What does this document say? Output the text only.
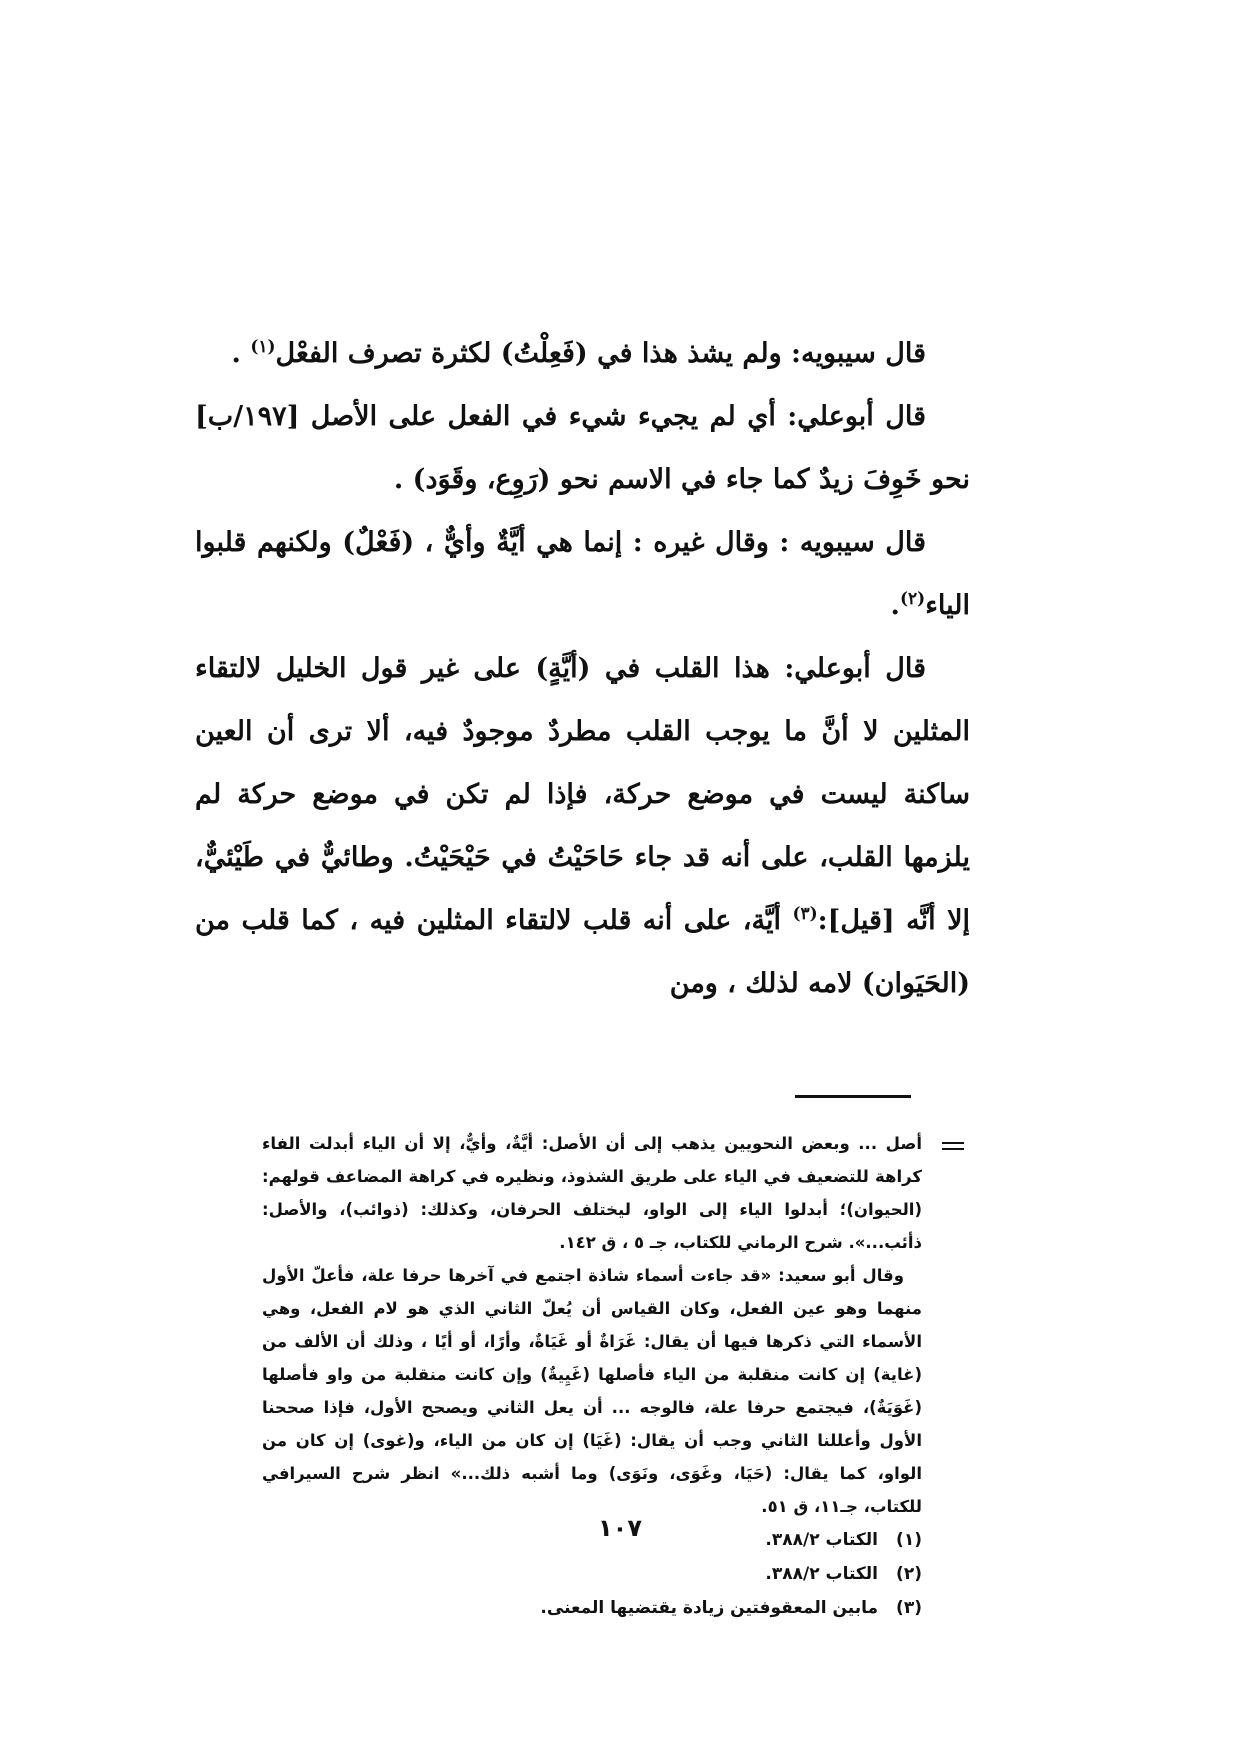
قال سيبويه: ولم يشذ هذا في (فَعِلْتُ) لكثرة تصرف الفعْل$^{(١)}$ .

قال أبوعلي: أي لم يجيء شيء في الفعل على الأصل [١٩٧/ب] نحو خَوِفَ زيدٌ كما جاء في الاسم نحو (رَوِع، وقَوَد) .

قال سيبويه : وقال غيره : إنما هي أيَّةٌ وأيٌّ ، (فَعْلٌ) ولكنهم قلبوا الياء$^{(٢)}$.

قال أبوعلي: هذا القلب في (أيَّةٍ) على غير قول الخليل لالتقاء المثلين لا أنَّ ما يوجب القلب مطردٌ موجودٌ فيه، ألا ترى أن العين ساكنة ليست في موضع حركة، فإذا لم تكن في موضع حركة لم يلزمها القلب، على أنه قد جاء حَاحَيْتُ في حَيْحَيْتُ. وطائيٌّ في طَيْئيٌّ، إلا أنَّه [قيل]:$^{(٣)}$ أيَّة، على أنه قلب لالتقاء المثلين فيه ، كما قلب من (الحَيَوان) لامه لذلك ، ومن

أصل ... وبعض النحويين يذهب إلى أن الأصل: أيَّةٌ، وأيٌّ، إلا أن الياء أبدلت الفاء كراهة للتضعيف في الياء على طريق الشذوذ، ونظيره في كراهة المضاعف قولهم: (الحيوان)؛ أبدلوا الياء إلى الواو، ليختلف الحرفان، وكذلك: (ذوائب)، والأصل: ذأئب...». شرح الرماني للكتاب، جـ ٥ ، ق ١٤٢.

وقال أبو سعيد: «قد جاءت أسماء شاذة اجتمع في آخرها حرفا علة، فأعلّ الأول منهما وهو عين الفعل، وكان القياس أن يُعلّ الثاني الذي هو لام الفعل، وهي الأسماء التي ذكرها فيها أن يقال: غَرَاةٌ أو غَيَاةٌ، وأرًا، أو أيًا ، وذلك أن الألف من (غاية) إن كانت منقلبة من الياء فأصلها (غَيِيةٌ) وإن كانت منقلبة من واو فأصلها (غَوَيَةٌ)، فيجتمع حرفا علة، فالوجه ... أن يعل الثاني ويصحح الأول، فإذا صححنا الأول وأعللنا الثاني وجب أن يقال: (غَيَا) إن كان من الياء، و(غوى) إن كان من الواو، كما يقال: (حَيَا، وغَوَى، ونَوَى) وما أشبه ذلك...» انظر شرح السيرافي للكتاب، جـ١١، ق ٥١.

(١)الكتاب ٣٨٨/٢.

(٢)الكتاب ٣٨٨/٢.

(٣)مابين المعقوفتين زيادة يقتضيها المعنى.

١٠٧
